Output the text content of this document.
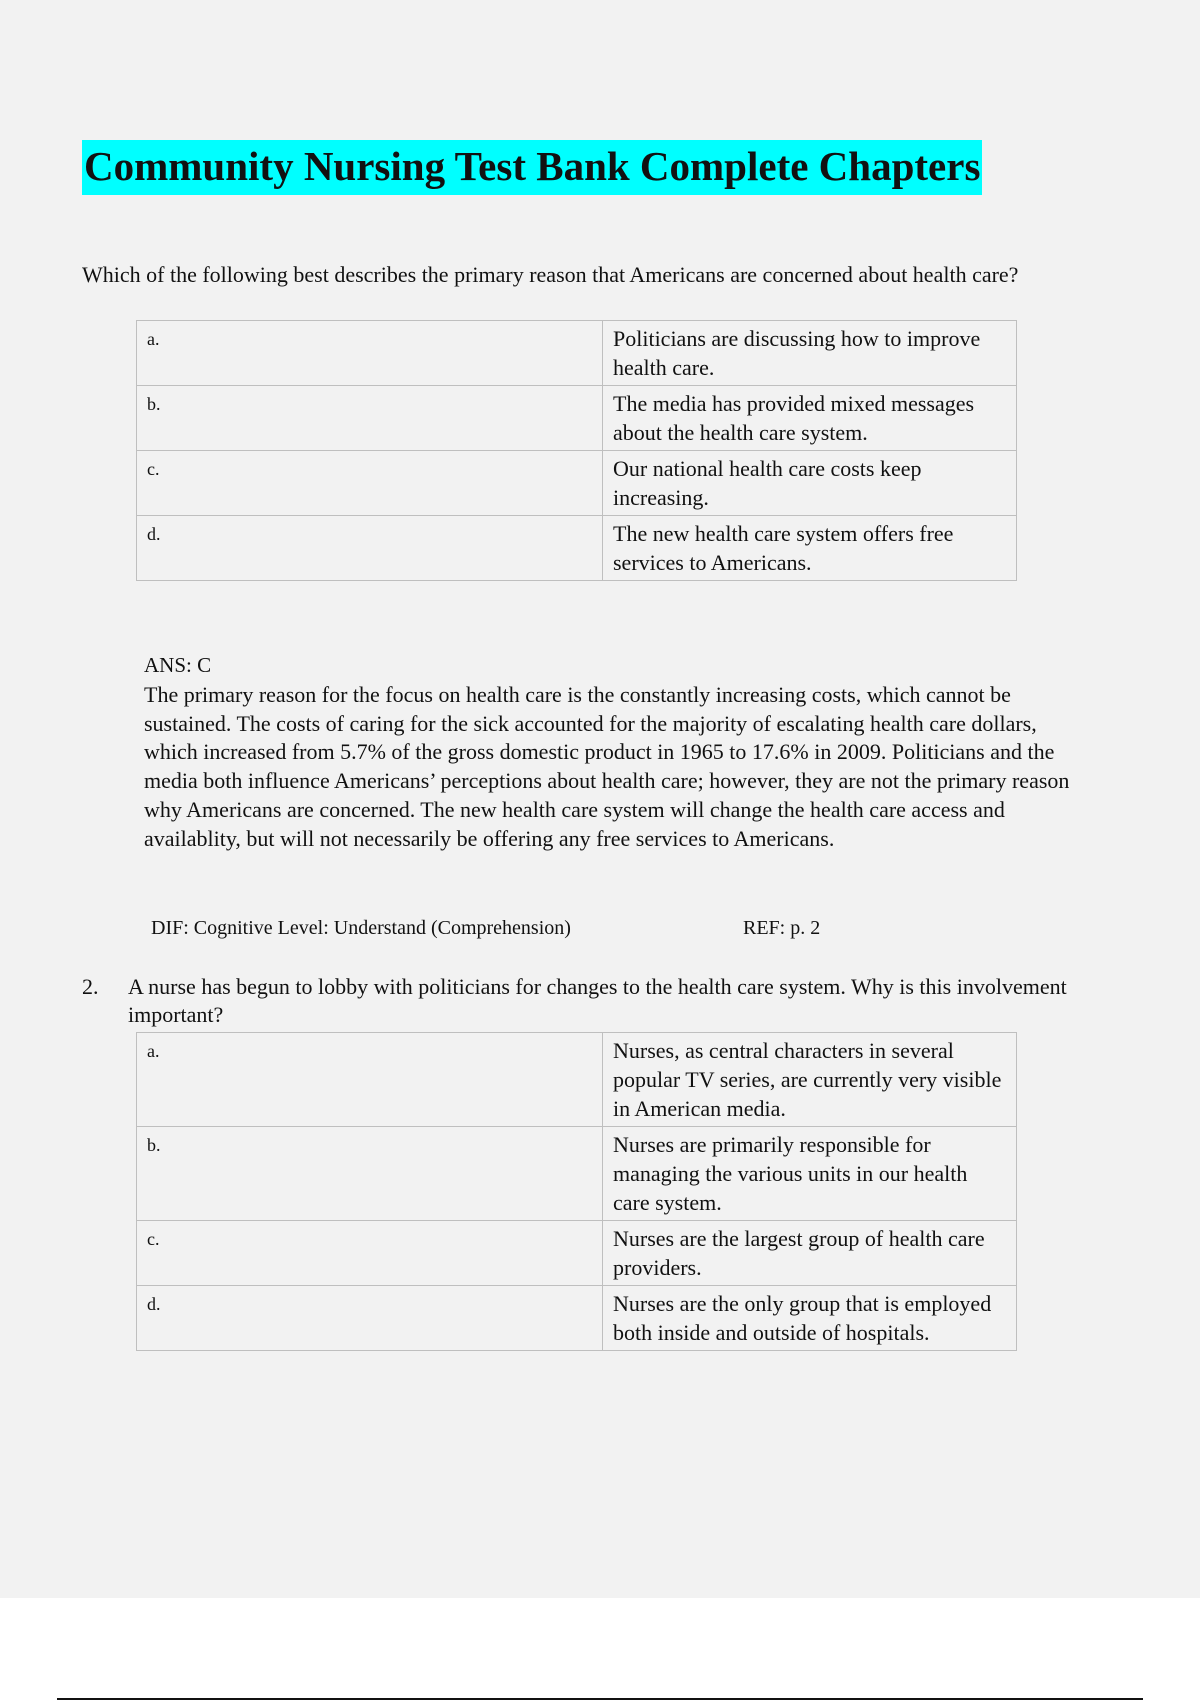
Community Nursing Test Bank Complete Chapters

Which of the following best describes the primary reason that Americans are concerned about health care?

a.	Politicians are discussing how to improve health care.
b.	The media has provided mixed messages about the health care system.
c.	Our national health care costs keep increasing.
d.	The new health care system offers free services to Americans.

ANS: C

The primary reason for the focus on health care is the constantly increasing costs, which cannot be sustained. The costs of caring for the sick accounted for the majority of escalating health care dollars, which increased from 5.7% of the gross domestic product in 1965 to 17.6% in 2009. Politicians and the media both influence Americans’ perceptions about health care; however, they are not the primary reason why Americans are concerned. The new health care system will change the health care access and availablity, but will not necessarily be offering any free services to Americans.

DIF: Cognitive Level: Understand (Comprehension)	REF: p. 2

2. A nurse has begun to lobby with politicians for changes to the health care system. Why is this involvement important?
a.	Nurses, as central characters in several popular TV series, are currently very visible in American media.
b.	Nurses are primarily responsible for managing the various units in our health care system.
c.	Nurses are the largest group of health care providers.
d.	Nurses are the only group that is employed both inside and outside of hospitals.
